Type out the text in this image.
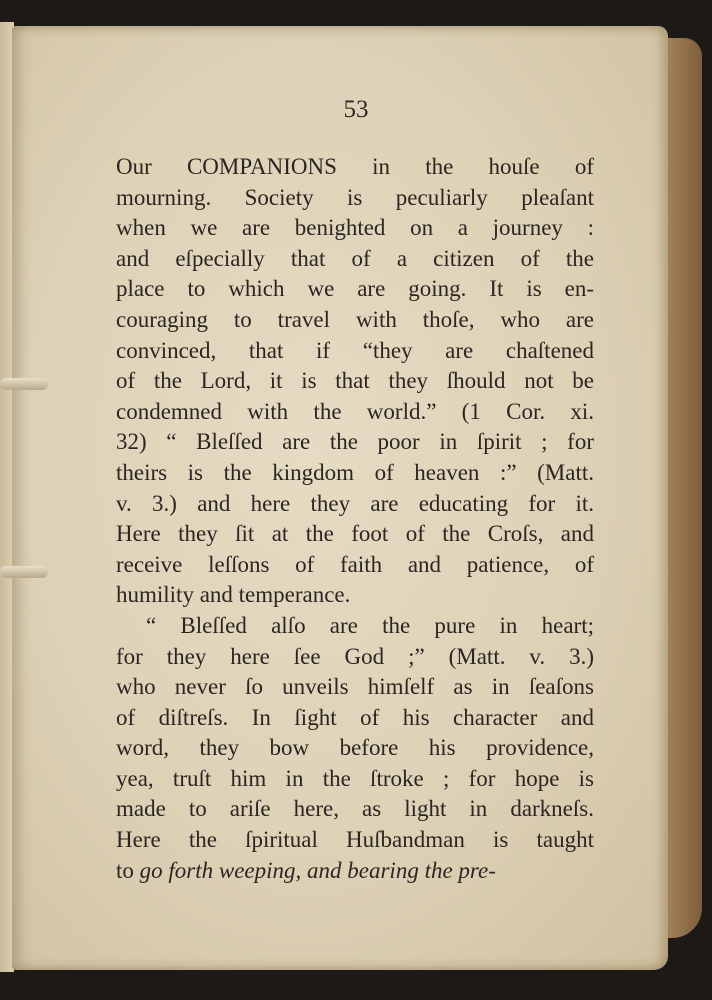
53
Our COMPANIONS in the houſe of
mourning. Society is peculiarly pleaſant
when we are benighted on a journey :
and eſpecially that of a citizen of the
place to which we are going. It is en-
couraging to travel with thoſe, who are
convinced, that if “they are chaſtened
of the Lord, it is that they ſhould not be
condemned with the world.” (1 Cor. xi.
32) “ Bleſſed are the poor in ſpirit ; for
theirs is the kingdom of heaven :” (Matt.
v. 3.) and here they are educating for it.
Here they ſit at the foot of the Croſs, and
receive leſſons of faith and patience, of
humility and temperance.
“ Bleſſed alſo are the pure in heart;
for they here ſee God ;” (Matt. v. 3.)
who never ſo unveils himſelf as in ſeaſons
of diſtreſs. In ſight of his character and
word, they bow before his providence,
yea, truſt him in the ſtroke ; for hope is
made to ariſe here, as light in darkneſs.
Here the ſpiritual Huſbandman is taught
to go forth weeping, and bearing the pre-
